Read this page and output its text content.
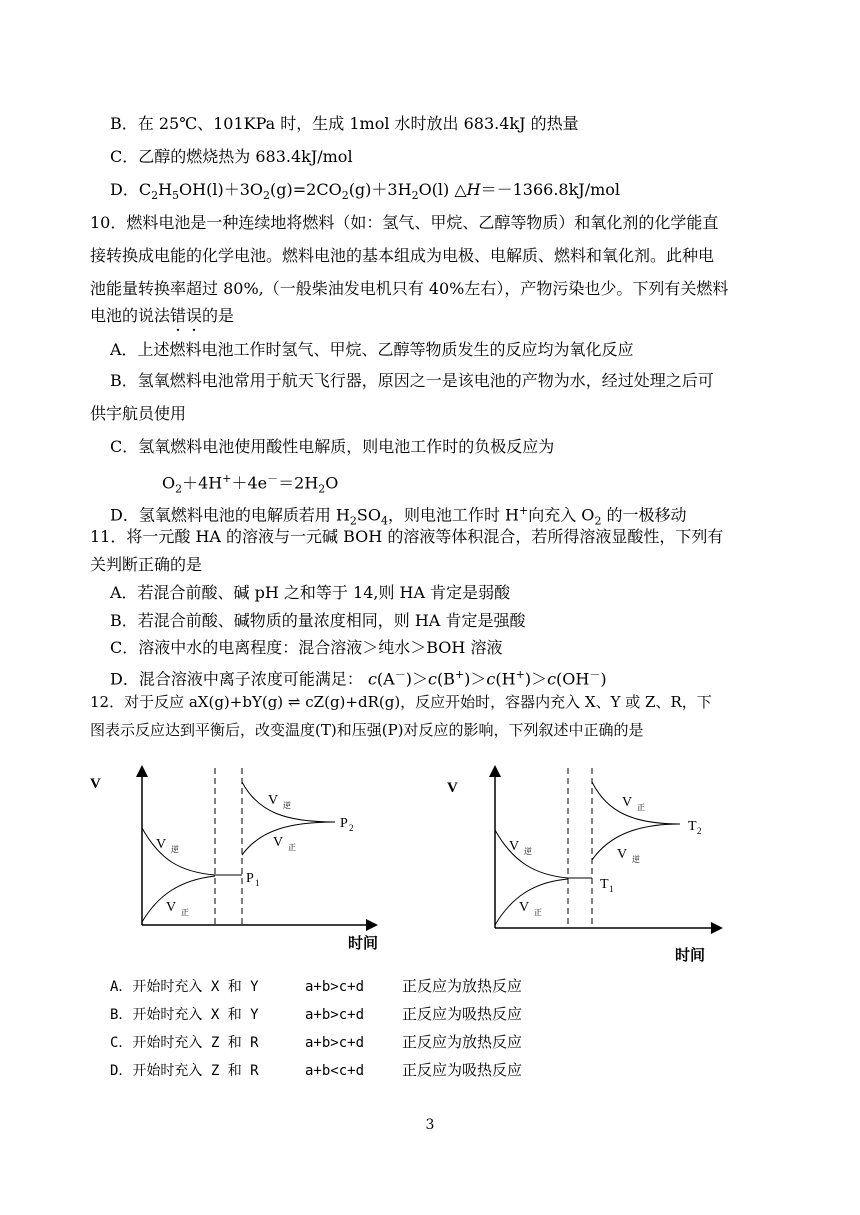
B．在 25℃、101KPa 时，生成 1mol 水时放出 683.4kJ 的热量
C．乙醇的燃烧热为 683.4kJ/mol
D．$C_2H_5OH(l)+3O_2(g)=2CO_2(g)+3H_2O(l)$ △H＝－1366.8kJ/mol
10．燃料电池是一种连续地将燃料（如：氢气、甲烷、乙醇等物质）和氧化剂的化学能直
接转换成电能的化学电池。燃料电池的基本组成为电极、电解质、燃料和氧化剂。此种电
池能量转换率超过 80%,（一般柴油发电机只有 40%左右），产物污染也少。下列有关燃料
电池的说法错误的是
A．上述燃料电池工作时氢气、甲烷、乙醇等物质发生的反应均为氧化反应
B．氢氧燃料电池常用于航天飞行器，原因之一是该电池的产物为水，经过处理之后可
供宇航员使用
C．氢氧燃料电池使用酸性电解质，则电池工作时的负极反应为
$O_2+4H^++4e^-=2H_2O$
D．氢氧燃料电池的电解质若用 $H_2SO_4$，则电池工作时 H+向充入 $O_2$ 的一极移动
11．将一元酸 HA 的溶液与一元碱 BOH 的溶液等体积混合，若所得溶液显酸性，下列有
关判断正确的是
A．若混合前酸、碱 pH 之和等于 14,则 HA 肯定是弱酸
B．若混合前酸、碱物质的量浓度相同，则 HA 肯定是强酸
C．溶液中水的电离程度：混合溶液＞纯水＞BOH 溶液
D．混合溶液中离子浓度可能满足： c(A－)＞c(B+)＞c(H+)＞c(OH－)
12．对于反应 aX(g)+bY(g) ⇌ cZ(g)+dR(g)，反应开始时，容器内充入 X、Y 或 Z、R，下
图表示反应达到平衡后，改变温度(T)和压强(P)对反应的影响，下列叙述中正确的是
V
时间
V 逆
V 正
V 逆
V 正
P 1
P 2
V
时间
V 正
V 逆
V 逆
V 正
T 1
T 2
A．开始时充入 X 和 Y	a+b>c+d	正反应为放热反应
B．开始时充入 X 和 Y	a+b>c+d	正反应为吸热反应
C．开始时充入 Z 和 R	a+b>c+d	正反应为放热反应
D．开始时充入 Z 和 R	a+b<c+d	正反应为吸热反应
3
